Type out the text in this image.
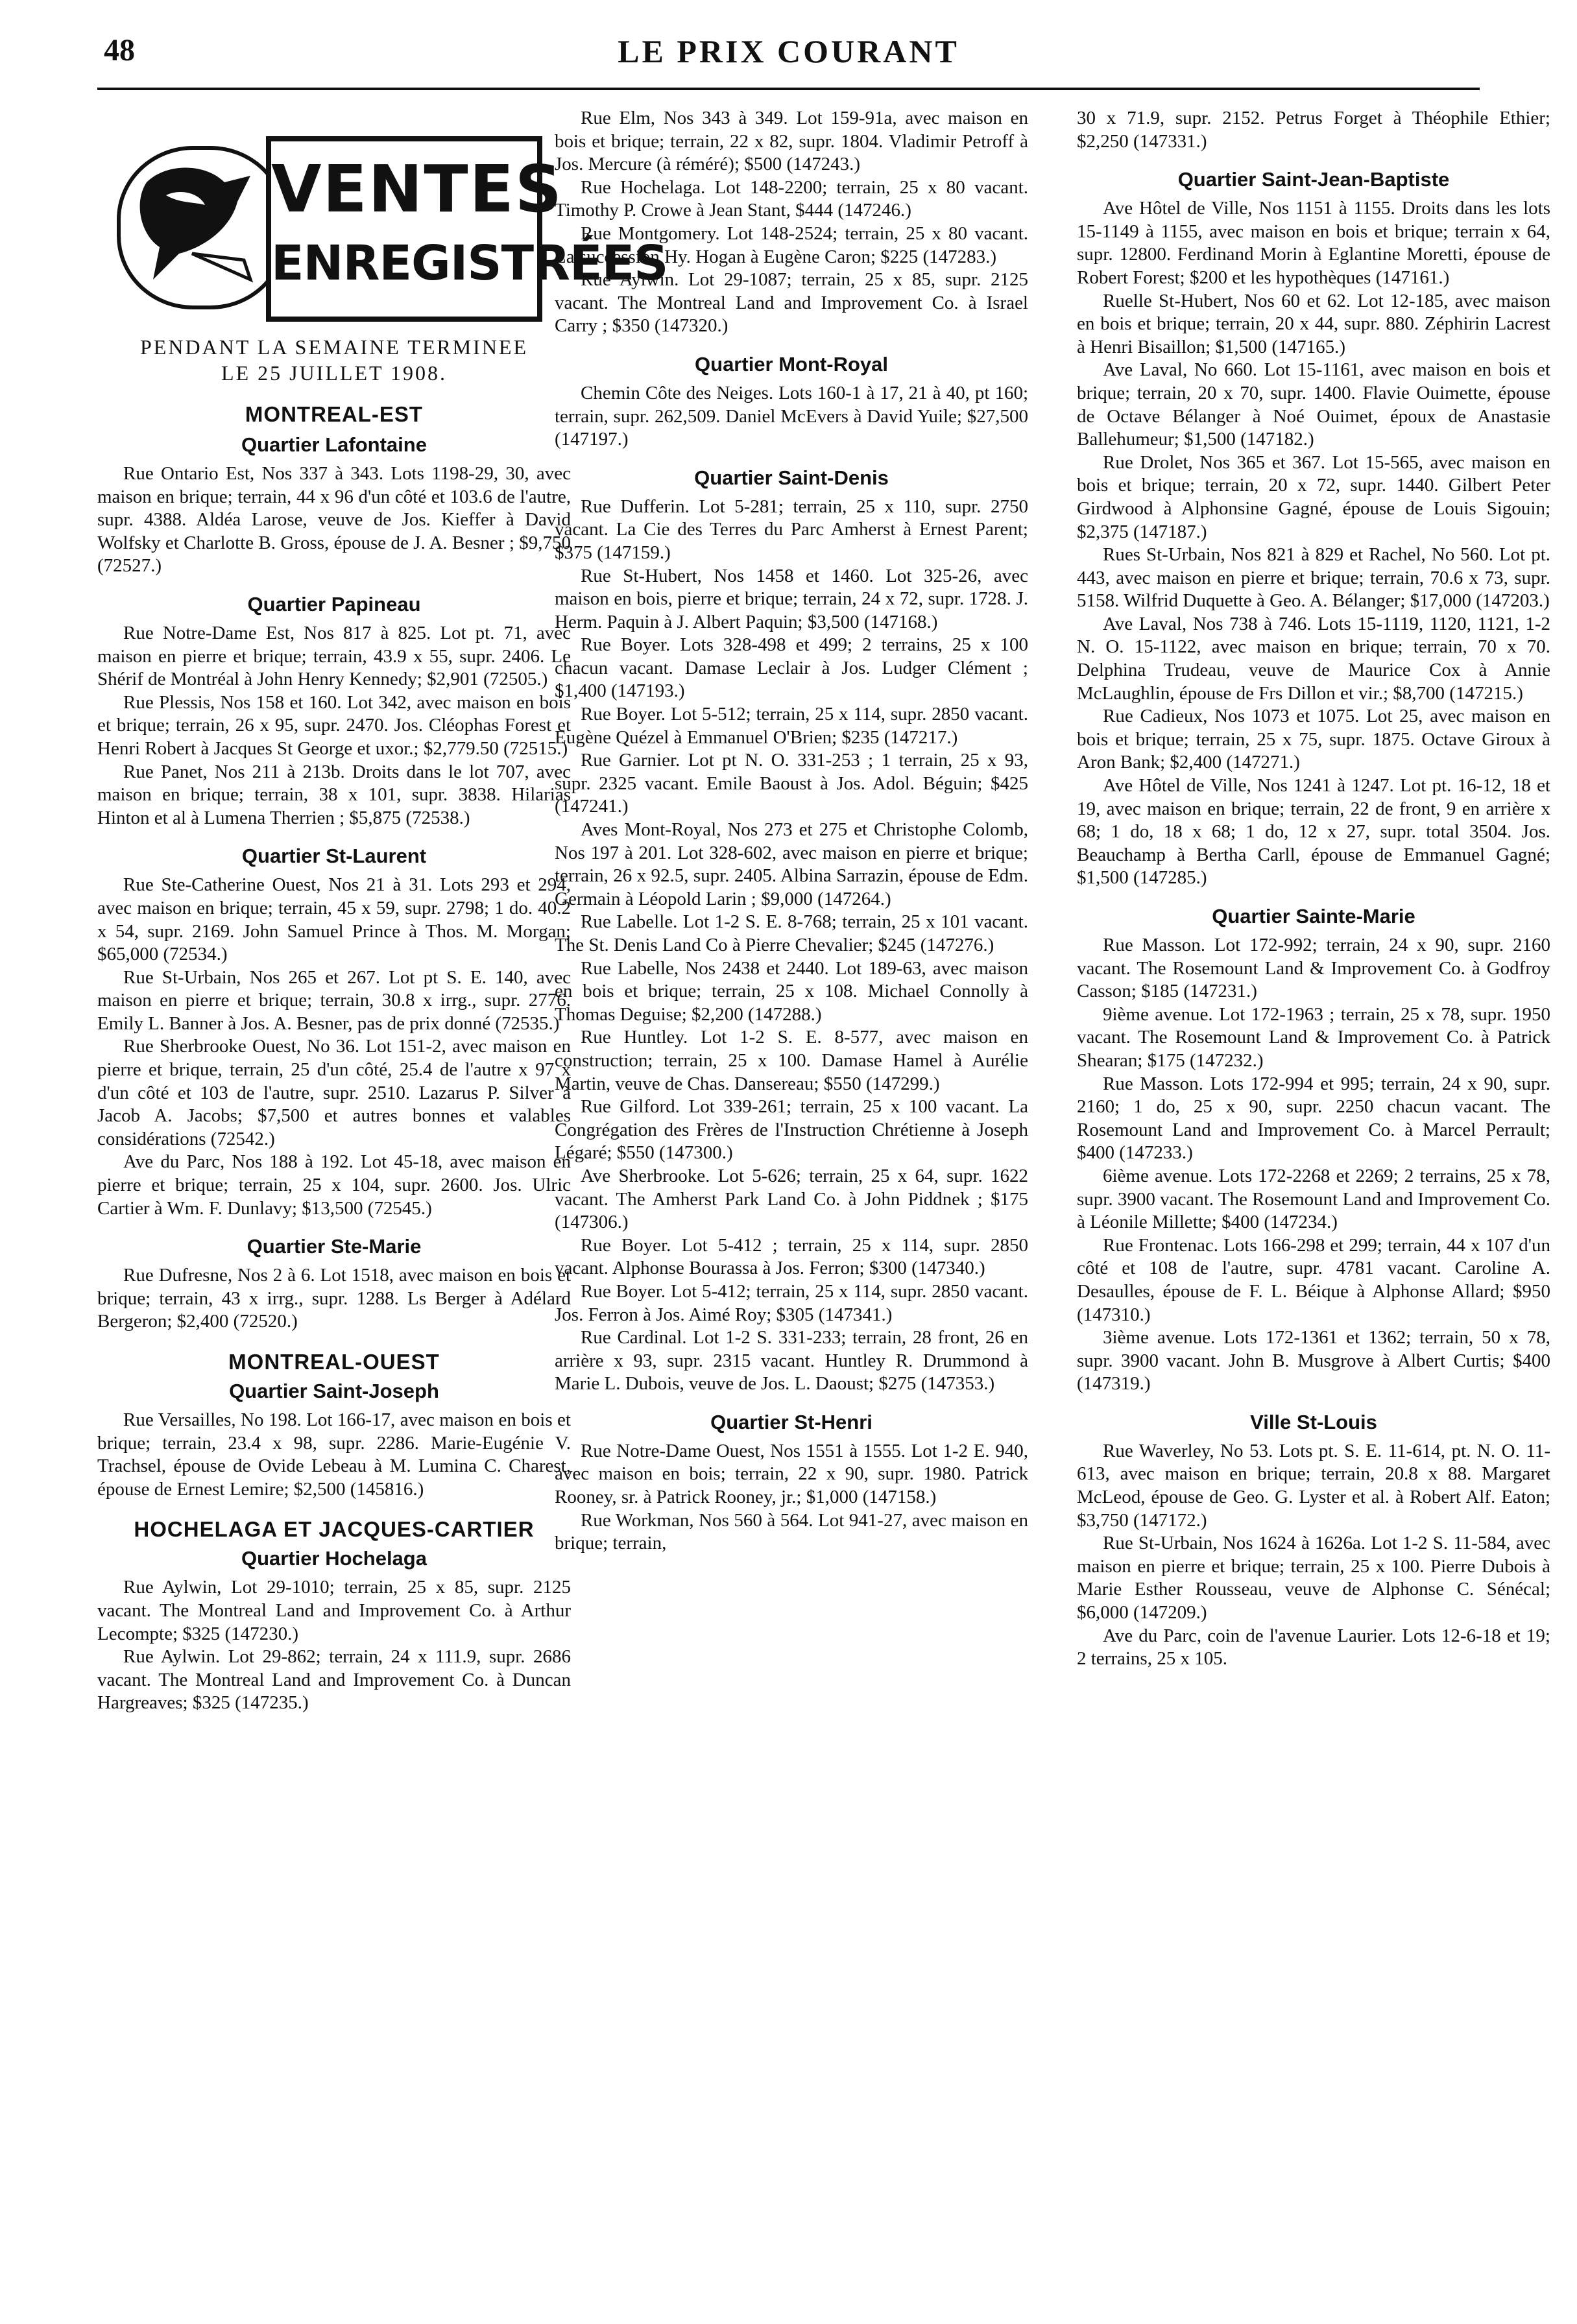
48	LE PRIX COURANT
VENTES
ENREGISTRÉES
PENDANT LA SEMAINE TERMINEE
LE 25 JUILLET 1908.
MONTREAL-EST
Quartier Lafontaine

Rue Ontario Est, Nos 337 à 343. Lots 1198-29, 30, avec maison en brique; terrain, 44 x 96 d'un côté et 103.6 de l'autre, supr. 4388. Aldéa Larose, veuve de Jos. Kieffer à David Wolfsky et Charlotte B. Gross, épouse de J. A. Besner ; $9,750 (72527.)

Quartier Papineau

Rue Notre-Dame Est, Nos 817 à 825. Lot pt. 71, avec maison en pierre et brique; terrain, 43.9 x 55, supr. 2406. Le Shérif de Montréal à John Henry Kennedy; $2,901 (72505.)

Rue Plessis, Nos 158 et 160. Lot 342, avec maison en bois et brique; terrain, 26 x 95, supr. 2470. Jos. Cléophas Forest et Henri Robert à Jacques St George et uxor.; $2,779.50 (72515.)

Rue Panet, Nos 211 à 213b. Droits dans le lot 707, avec maison en brique; terrain, 38 x 101, supr. 3838. Hilarias Hinton et al à Lumena Therrien ; $5,875 (72538.)

Quartier St-Laurent

Rue Ste-Catherine Ouest, Nos 21 à 31. Lots 293 et 294, avec maison en brique; terrain, 45 x 59, supr. 2798; 1 do. 40.2 x 54, supr. 2169. John Samuel Prince à Thos. M. Morgan; $65,000 (72534.)

Rue St-Urbain, Nos 265 et 267. Lot pt S. E. 140, avec maison en pierre et brique; terrain, 30.8 x irrg., supr. 2776. Emily L. Banner à Jos. A. Besner, pas de prix donné (72535.)

Rue Sherbrooke Ouest, No 36. Lot 151-2, avec maison en pierre et brique, terrain, 25 d'un côté, 25.4 de l'autre x 97 x d'un côté et 103 de l'autre, supr. 2510. Lazarus P. Silver à Jacob A. Jacobs; $7,500 et autres bonnes et valables considérations (72542.)

Ave du Parc, Nos 188 à 192. Lot 45-18, avec maison en pierre et brique; terrain, 25 x 104, supr. 2600. Jos. Ulric Cartier à Wm. F. Dunlavy; $13,500 (72545.)

Quartier Ste-Marie

Rue Dufresne, Nos 2 à 6. Lot 1518, avec maison en bois et brique; terrain, 43 x irrg., supr. 1288. Ls Berger à Adélard Bergeron; $2,400 (72520.)

MONTREAL-OUEST
Quartier Saint-Joseph

Rue Versailles, No 198. Lot 166-17, avec maison en bois et brique; terrain, 23.4 x 98, supr. 2286. Marie-Eugénie V. Trachsel, épouse de Ovide Lebeau à M. Lumina C. Charest, épouse de Ernest Lemire; $2,500 (145816.)

HOCHELAGA ET JACQUES-CARTIER
Quartier Hochelaga

Rue Aylwin, Lot 29-1010; terrain, 25 x 85, supr. 2125 vacant. The Montreal Land and Improvement Co. à Arthur Lecompte; $325 (147230.)

Rue Aylwin. Lot 29-862; terrain, 24 x 111.9, supr. 2686 vacant. The Montreal Land and Improvement Co. à Duncan Hargreaves; $325 (147235.)

Rue Elm, Nos 343 à 349. Lot 159-91a, avec maison en bois et brique; terrain, 22 x 82, supr. 1804. Vladimir Petroff à Jos. Mercure (à réméré); $500 (147243.)

Rue Hochelaga. Lot 148-2200; terrain, 25 x 80 vacant. Timothy P. Crowe à Jean Stant, $444 (147246.)

Rue Montgomery. Lot 148-2524; terrain, 25 x 80 vacant. La succession Hy. Hogan à Eugène Caron; $225 (147283.)

Rue Aylwin. Lot 29-1087; terrain, 25 x 85, supr. 2125 vacant. The Montreal Land and Improvement Co. à Israel Carry ; $350 (147320.)

Quartier Mont-Royal

Chemin Côte des Neiges. Lots 160-1 à 17, 21 à 40, pt 160; terrain, supr. 262,509. Daniel McEvers à David Yuile; $27,500 (147197.)

Quartier Saint-Denis

Rue Dufferin. Lot 5-281; terrain, 25 x 110, supr. 2750 vacant. La Cie des Terres du Parc Amherst à Ernest Parent; $375 (147159.)

Rue St-Hubert, Nos 1458 et 1460. Lot 325-26, avec maison en bois, pierre et brique; terrain, 24 x 72, supr. 1728. J. Herm. Paquin à J. Albert Paquin; $3,500 (147168.)

Rue Boyer. Lots 328-498 et 499; 2 terrains, 25 x 100 chacun vacant. Damase Leclair à Jos. Ludger Clément ; $1,400 (147193.)

Rue Boyer. Lot 5-512; terrain, 25 x 114, supr. 2850 vacant. Eugène Quézel à Emmanuel O'Brien; $235 (147217.)

Rue Garnier. Lot pt N. O. 331-253 ; 1 terrain, 25 x 93, supr. 2325 vacant. Emile Baoust à Jos. Adol. Béguin; $425 (147241.)

Aves Mont-Royal, Nos 273 et 275 et Christophe Colomb, Nos 197 à 201. Lot 328-602, avec maison en pierre et brique; terrain, 26 x 92.5, supr. 2405. Albina Sarrazin, épouse de Edm. Germain à Léopold Larin ; $9,000 (147264.)

Rue Labelle. Lot 1-2 S. E. 8-768; terrain, 25 x 101 vacant. The St. Denis Land Co à Pierre Chevalier; $245 (147276.)

Rue Labelle, Nos 2438 et 2440. Lot 189-63, avec maison en bois et brique; terrain, 25 x 108. Michael Connolly à Thomas Deguise; $2,200 (147288.)

Rue Huntley. Lot 1-2 S. E. 8-577, avec maison en construction; terrain, 25 x 100. Damase Hamel à Aurélie Martin, veuve de Chas. Dansereau; $550 (147299.)

Rue Gilford. Lot 339-261; terrain, 25 x 100 vacant. La Congrégation des Frères de l'Instruction Chrétienne à Joseph Légaré; $550 (147300.)

Ave Sherbrooke. Lot 5-626; terrain, 25 x 64, supr. 1622 vacant. The Amherst Park Land Co. à John Piddnek ; $175 (147306.)

Rue Boyer. Lot 5-412 ; terrain, 25 x 114, supr. 2850 vacant. Alphonse Bourassa à Jos. Ferron; $300 (147340.)

Rue Boyer. Lot 5-412; terrain, 25 x 114, supr. 2850 vacant. Jos. Ferron à Jos. Aimé Roy; $305 (147341.)

Rue Cardinal. Lot 1-2 S. 331-233; terrain, 28 front, 26 en arrière x 93, supr. 2315 vacant. Huntley R. Drummond à Marie L. Dubois, veuve de Jos. L. Daoust; $275 (147353.)

Quartier St-Henri

Rue Notre-Dame Ouest, Nos 1551 à 1555. Lot 1-2 E. 940, avec maison en bois; terrain, 22 x 90, supr. 1980. Patrick Rooney, sr. à Patrick Rooney, jr.; $1,000 (147158.)

Rue Workman, Nos 560 à 564. Lot 941-27, avec maison en brique; terrain,

30 x 71.9, supr. 2152. Petrus Forget à Théophile Ethier; $2,250 (147331.)

Quartier Saint-Jean-Baptiste

Ave Hôtel de Ville, Nos 1151 à 1155. Droits dans les lots 15-1149 à 1155, avec maison en bois et brique; terrain x 64, supr. 12800. Ferdinand Morin à Eglantine Moretti, épouse de Robert Forest; $200 et les hypothèques (147161.)

Ruelle St-Hubert, Nos 60 et 62. Lot 12-185, avec maison en bois et brique; terrain, 20 x 44, supr. 880. Zéphirin Lacrest à Henri Bisaillon; $1,500 (147165.)

Ave Laval, No 660. Lot 15-1161, avec maison en bois et brique; terrain, 20 x 70, supr. 1400. Flavie Ouimette, épouse de Octave Bélanger à Noé Ouimet, époux de Anastasie Ballehumeur; $1,500 (147182.)

Rue Drolet, Nos 365 et 367. Lot 15-565, avec maison en bois et brique; terrain, 20 x 72, supr. 1440. Gilbert Peter Girdwood à Alphonsine Gagné, épouse de Louis Sigouin; $2,375 (147187.)

Rues St-Urbain, Nos 821 à 829 et Rachel, No 560. Lot pt. 443, avec maison en pierre et brique; terrain, 70.6 x 73, supr. 5158. Wilfrid Duquette à Geo. A. Bélanger; $17,000 (147203.)

Ave Laval, Nos 738 à 746. Lots 15-1119, 1120, 1121, 1-2 N. O. 15-1122, avec maison en brique; terrain, 70 x 70. Delphina Trudeau, veuve de Maurice Cox à Annie McLaughlin, épouse de Frs Dillon et vir.; $8,700 (147215.)

Rue Cadieux, Nos 1073 et 1075. Lot 25, avec maison en bois et brique; terrain, 25 x 75, supr. 1875. Octave Giroux à Aron Bank; $2,400 (147271.)

Ave Hôtel de Ville, Nos 1241 à 1247. Lot pt. 16-12, 18 et 19, avec maison en brique; terrain, 22 de front, 9 en arrière x 68; 1 do, 18 x 68; 1 do, 12 x 27, supr. total 3504. Jos. Beauchamp à Bertha Carll, épouse de Emmanuel Gagné; $1,500 (147285.)

Quartier Sainte-Marie

Rue Masson. Lot 172-992; terrain, 24 x 90, supr. 2160 vacant. The Rosemount Land & Improvement Co. à Godfroy Casson; $185 (147231.)

9ième avenue. Lot 172-1963 ; terrain, 25 x 78, supr. 1950 vacant. The Rosemount Land & Improvement Co. à Patrick Shearan; $175 (147232.)

Rue Masson. Lots 172-994 et 995; terrain, 24 x 90, supr. 2160; 1 do, 25 x 90, supr. 2250 chacun vacant. The Rosemount Land and Improvement Co. à Marcel Perrault; $400 (147233.)

6ième avenue. Lots 172-2268 et 2269; 2 terrains, 25 x 78, supr. 3900 vacant. The Rosemount Land and Improvement Co. à Léonile Millette; $400 (147234.)

Rue Frontenac. Lots 166-298 et 299; terrain, 44 x 107 d'un côté et 108 de l'autre, supr. 4781 vacant. Caroline A. Desaulles, épouse de F. L. Béique à Alphonse Allard; $950 (147310.)

3ième avenue. Lots 172-1361 et 1362; terrain, 50 x 78, supr. 3900 vacant. John B. Musgrove à Albert Curtis; $400 (147319.)

Ville St-Louis

Rue Waverley, No 53. Lots pt. S. E. 11-614, pt. N. O. 11-613, avec maison en brique; terrain, 20.8 x 88. Margaret McLeod, épouse de Geo. G. Lyster et al. à Robert Alf. Eaton; $3,750 (147172.)

Rue St-Urbain, Nos 1624 à 1626a. Lot 1-2 S. 11-584, avec maison en pierre et brique; terrain, 25 x 100. Pierre Dubois à Marie Esther Rousseau, veuve de Alphonse C. Sénécal; $6,000 (147209.)

Ave du Parc, coin de l'avenue Laurier. Lots 12-6-18 et 19; 2 terrains, 25 x 105.
